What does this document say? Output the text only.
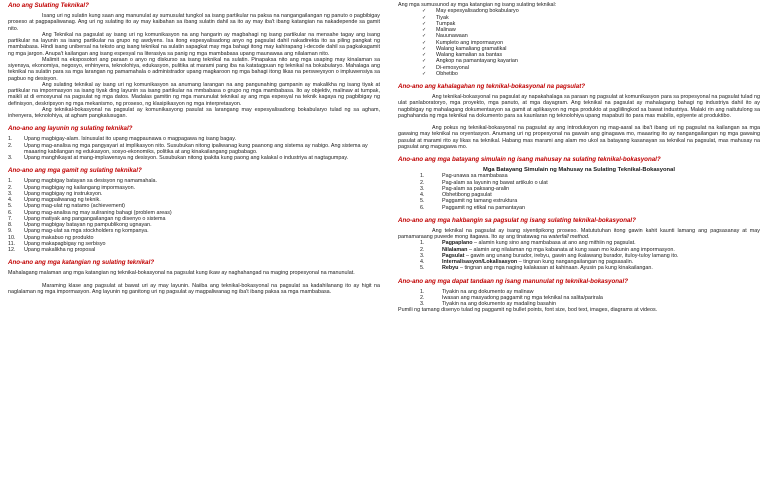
Ano ang Sulating Teknikal?

Isang uri ng sulatin kung saan ang manunulat ay sumusulat tungkol sa isang partikular na paksa na nangangailangan ng panuto o pagbibigay proseso at pagpapaliwanag. Ang uri ng sulating ito ay may kaibahan sa ibang sulatin dahil sa ito ay may iba't ibang katangian na nakadepende sa gamit nito.

Ang Teknikal na pagsulat ay isang uri ng komunikasyon na ang hangarin ay magbahagi ng isang partikular na mensahe tagay ang isang partikular na layunin sa isang partikular na grupo ng awdyens. Isa itong espesyalisadong anyo ng pagsulat dahil nakadirekta ito sa piling pangkat ng mambabasa. Hindi isang unibersal na teksto ang isang teknikal na sulatin sapagkat may mga bahagi itong may kahirapang i-decode dahil sa pagkakagamit ng mga jargon. Anupa't kailangan ang isang espesyal na literasiya sa panig ng mga mambabasa upang maunawaa ang nilalaman nito.

Malimit na eksposotori ang paraan o anyo ng diskurso sa isang teknikal na sulatin. Pinapaksa nito ang mga usaping may kinalaman sa siyensya, ekonomiya, negosyo, enhinyera, teknolohiya, edukasyon, pulitika at marami pang iba na katatagpuan ng teknikal na bokabularyo. Mahalaga ang teknikal na sulatin para sa mga larangan ng pamamahala o administrador upang magkaroon ng mga bahagi itong likas na persweysyon o impluwensiya sa pagbuo ng desisyon.

Ang sulating teknikal ay isang uri ng komunikasyon sa anumang larangan na ang pangunahing gampanin ay makalikha ng isang tiyak at partikular na impormasyon sa isang tiyak ding layunin sa isang partikular na mmbabasa o grupo ng mga mambabasa. Ito ay objektiv, malinaw at tumpak, maikli at di emosyunal na pagsulat ng mga datos. Madalas gamitin ng mga manunulat teknikal ay ang mga espesyal na teknik kagaya ng pagbibigay ng definisyon, deskripsyon ng mga mekanismo, ng proseso, ng klasipikasyon ng mga interpretasyon.

Ang teknikal-bokasyonal na pagsulat ay komunikasyong pasulat sa larangang may espesyalisadong bokabularyo tulad ng sa agham, inhenyera, teknolohiya, at agham pangkalusugan.

Ano-ano ang layunin ng sulating teknikal?
1. Upang magbigay-alam. Isinusulat ito upang magpaunawa o magpagawa ng isang bagay.
2. Upang mag-analisa ng mga pangyayari at implikasyon nito. Susubukan nitong ipaliwanag kung paanong ang sistema ay nabigo. Ang sistema ay maaaring kabilangan ng edukasyon, sosyo-ekonomiks, politika at ang kinakailangang pagbabago.
3. Upang manghikayat at mang-impluwensya ng desisyon. Susubukan nitong ipakita kung paong ang kalakal o industriya at nagtagumpay.
Ano-ano ang mga gamit ng sulating teknikal?
1. Upang magbigay batayan sa desisyon ng namamahala.
2. Upang magbigay ng kailangang impormasyon.
3. Upang magbigay ng instruksyon.
4. Upang magpaliwanag ng teknik.
5. Upang mag-ulat ng natamo (achievement)
6. Upang mag-analisa ng may suliraning bahagi (problem areas)
7. Upang matiyak ang pangangailangan ng disenyo o sistema
8. Upang magbigay batayan ng pampublikong ugnayan.
9. Upang mag-ulat sa mga stockholders ng kompanya.
10. Upang makabuo ng produkto
11. Upang makapagbigay ng serbisyo
12. Upang makalikha ng proposal
Ano-ano ang mga katangian ng sulating teknikal?

Mahalagang malaman ang mga katangian ng teknikal-bokasyonal na pagsulat kung ikaw ay naghahangad na maging propesyonal na manunulat.

Maraming klase ang pagsulat at bawat uri ay may layunin. Naiiba ang teknikal-bokasyonal na pagsulat sa kadahilanang ito ay higit na naglalaman ng mga impormasyon. Ang layunin ng ganitong uri ng pagsulat ay magpaliwanag ng iba't ibang paksa sa mga mambabasa.

Ang mga sumusunod ay mga katangian ng isang sulating teknikal:

✓ May espesyalisadong bokabularyo
✓ Tiyak
✓ Tumpak
✓ Malinaw
✓ Nauunawaan
✓ Kumpleto ang impormasyon
✓ Walang kamaliang gramatikal
✓ Walang kamalian sa bantas
✓ Angkop na pamantayang kayarian
✓ Di-emosyonal
✓ Obhetibo
Ano-ano ang kahalagahan ng teknikal-bokasyonal na pagsulat?

Ang teknikal-bokasyonal na pagsulat ay napakahalaga sa paraan ng pagsulat at komunikasyon para sa propesyonal na pagsulat tulad ng ulat panlaboratoryo, mga proyekto, mga panuto, at mga dayagram. Ang teknikal na pagsulat ay mahalagang bahagi ng industriya dahil ito ay nagbibigay ng mahalagang dokumentasyon sa gamit at aplikasyon ng mga produkto at pagliilingkod sa bawat industriya. Malaki rin ang naitutulong sa paghahanda ng mga teknikal na dokumento para sa kaunlaran ng teknolohiya upang mapabuti ito para mas mabilis, epiyente at produktibo.

Ang pokus ng teknikal-bokasyonal na pagsulat ay ang introduksyon ng mag-aaral sa iba't ibang uri ng pagsulat na kailangan sa mga gawaing may teknikal na oryentasyon. Anumang uri ng propesyonal na gawain ang ginagawa mo, maaaring ito ay nangangailangan ng mga gawaing pasulat at marami rito ay likas na teknikal. Habang mas marami ang alam mo ukol sa batayang kasanayan sa teknikal na pagsulat, mas mahusay na pagsulat ang magagawa mo.

Ano-ano ang mga batayang simulain ng isang mahusay na sulating teknikal-bokasyonal?
Mga Batayang Simulain ng Mahusay na Sulating Teknikal-Bokasyonal
1.	Pag-unawa sa mambabasa
2.	Pag-alam sa layunin ng bawat artikulo o ulat
3.	Pag-alam sa paksang-aralin
4.	Obhetibong pagsulat
5.	Paggamit ng tamang estruktura
6.	Paggamit ng etikal na pamantayan
Ano-ano ang mga hakbangin sa pagsulat ng isang sulating teknikal-bokasyonal?

Ang teknikal na pagsulat ay isang siyentipikong proseso. Matututuhan itong gawin kahit kaunti lamang ang pagsasanay at may pamamaraang puwede mong itagawa. Ito ay ang tinatawag na waterfall method.

1.	Pagpaplano – alamin kung sino ang mambabasa at ano ang mithiin ng pagsulat.
2.	Nilalaman – alamin ang nilalaman ng mga kabanata at kung saan mo kukunin ang impormasyon.
3.	Pagsulat – gawin ang unang burador, irebyu, gawin ang ikalawang burador, ituloy-tuloy lamang ito.
4.	Internalisasyon/Lokalisasyon – tingnan kung nangangailangan ng pagsasalin.
5.	Rebyu – tingnan ang mga naging kalakasan at kahinaan. Ayusin pa kung kinakailangan.
Ano-ano ang mga dapat tandaan ng isang manunulat ng teknikal-bokasyonal?
1.	Tiyakin na ang dokumento ay malinaw
2.	Iwasan ang masyadong paggamit ng mga teknikal na salita/parirala
3.	Tiyakin na ang dokumento ay madaling basahin

Pumili ng tamang disenyo tulad ng paggamit ng bullet points, font size, bod text, images, diagrams at videos.
